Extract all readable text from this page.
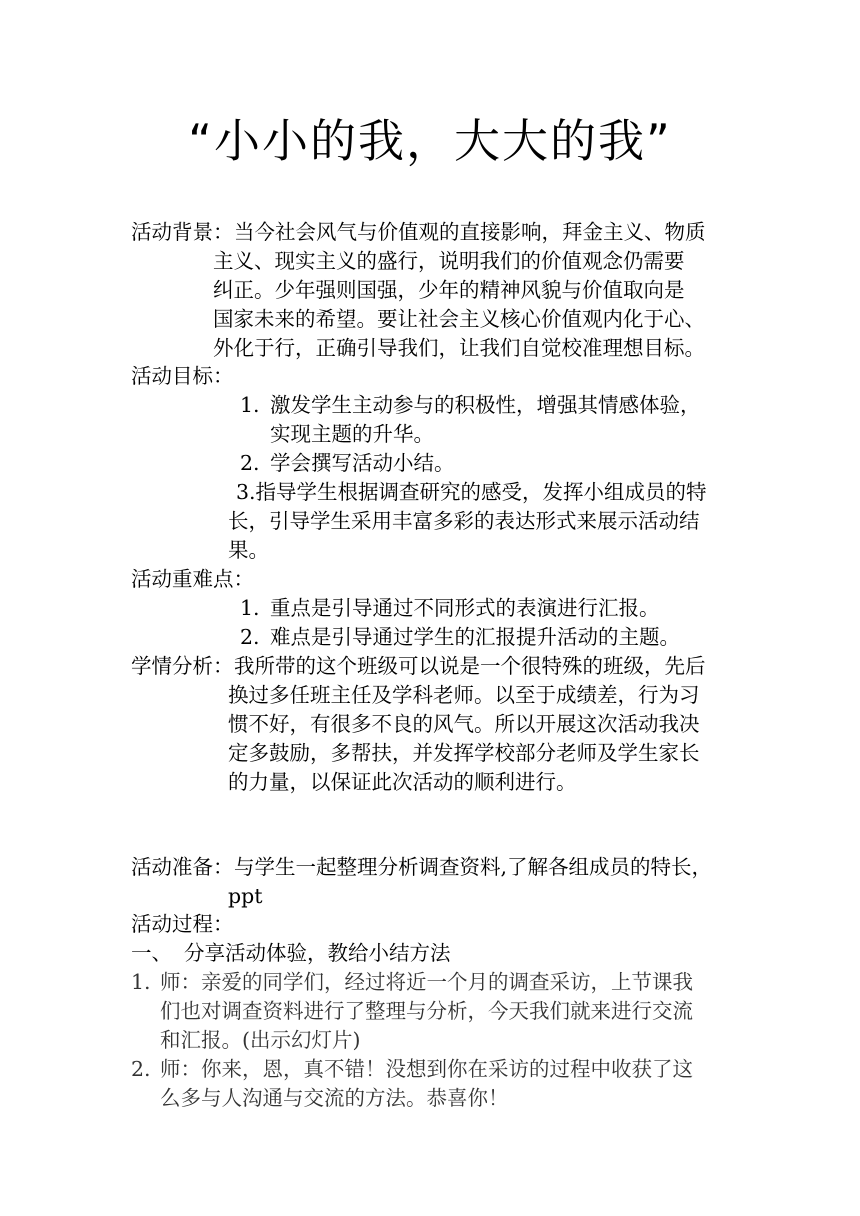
“小小的我，大大的我”
活动背景： 当今社会风气与价值观的直接影响，拜金主义、物质
主义、现实主义的盛行，说明我们的价值观念仍需要
纠正。少年强则国强，少年的精神风貌与价值取向是
国家未来的希望。要让社会主义核心价值观内化于心、
外化于行，正确引导我们，让我们自觉校准理想目标。
活动目标：
1. 激发学生主动参与的积极性，增强其情感体验，
实现主题的升华。
2. 学会撰写活动小结。
3.指导学生根据调查研究的感受，发挥小组成员的特
长，引导学生采用丰富多彩的表达形式来展示活动结
果。
活动重难点：
1. 重点是引导通过不同形式的表演进行汇报。
2. 难点是引导通过学生的汇报提升活动的主题。
学情分析： 我所带的这个班级可以说是一个很特殊的班级，先后
换过多任班主任及学科老师。以至于成绩差，行为习
惯不好，有很多不良的风气。所以开展这次活动我决
定多鼓励，多帮扶，并发挥学校部分老师及学生家长
的力量，以保证此次活动的顺利进行。
活动准备： 与学生一起整理分析调查资料,了解各组成员的特长，
ppt
活动过程：
一、 分享活动体验，教给小结方法
1. 师：亲爱的同学们，经过将近一个月的调查采访，上节课我
们也对调查资料进行了整理与分析，今天我们就来进行交流
和汇报。(出示幻灯片)
2. 师：你来，恩，真不错！没想到你在采访的过程中收获了这
么多与人沟通与交流的方法。恭喜你！
